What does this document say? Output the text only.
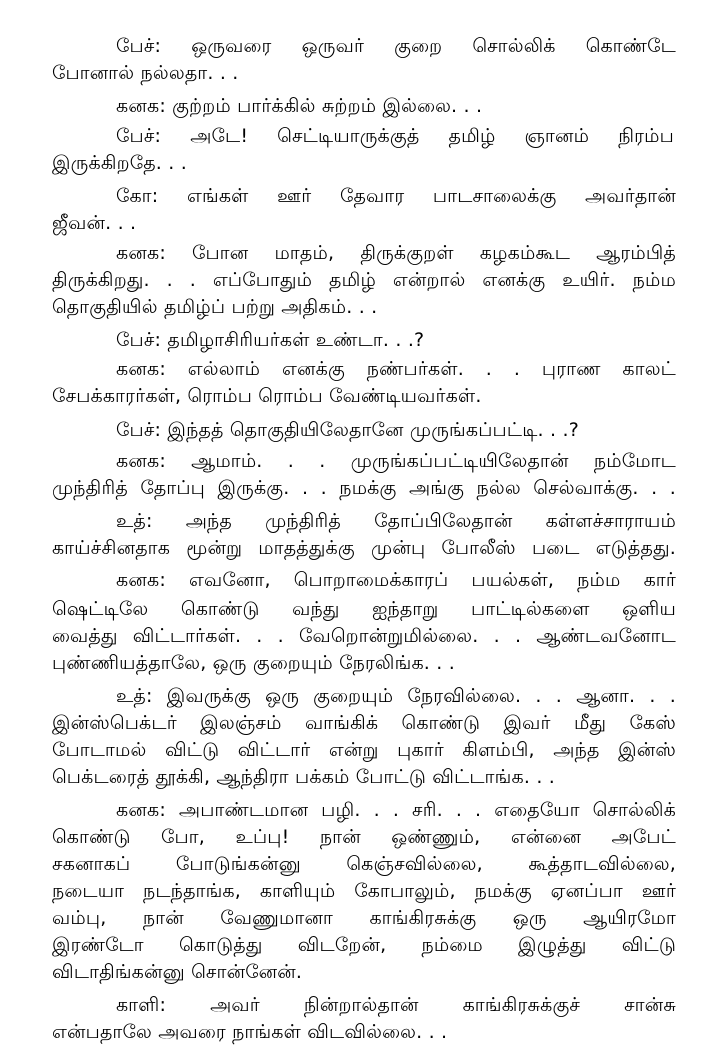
பேச்: ஒருவரை ஒருவர் குறை சொல்லிக் கொண்டே
போனால் நல்லதா. . .
கனக: குற்றம் பார்க்கில் சுற்றம் இல்லை. . .
பேச்: அடே! செட்டியாருக்குத் தமிழ் ஞானம் நிரம்ப
இருக்கிறதே. . .
கோ: எங்கள் ஊர் தேவார பாடசாலைக்கு அவர்தான்
ஜீவன். . .
கனக: போன மாதம், திருக்குறள் கழகம்கூட ஆரம்பித்
திருக்கிறது. . . எப்போதும் தமிழ் என்றால் எனக்கு உயிர். நம்ம
தொகுதியில் தமிழ்ப் பற்று அதிகம். . .
பேச்: தமிழாசிரியர்கள் உண்டா. . .?
கனக: எல்லாம் எனக்கு நண்பர்கள். . . புராண காலட்
சேபக்காரர்கள், ரொம்ப ரொம்ப வேண்டியவர்கள்.
பேச்: இந்தத் தொகுதியிலேதானே முருங்கப்பட்டி. . .?
கனக: ஆமாம். . . முருங்கப்பட்டியிலேதான் நம்மோட
முந்திரித் தோப்பு இருக்கு. . . நமக்கு அங்கு நல்ல செல்வாக்கு. . .
உத்: அந்த முந்திரித் தோப்பிலேதான் கள்ளச்சாராயம்
காய்ச்சினதாக மூன்று மாதத்துக்கு முன்பு போலீஸ் படை எடுத்தது.
கனக: எவனோ, பொறாமைக்காரப் பயல்கள், நம்ம கார்
ஷெட்டிலே கொண்டு வந்து ஐந்தாறு பாட்டில்களை ஒளிய
வைத்து விட்டார்கள். . . வேறொன்றுமில்லை. . . ஆண்டவனோட
புண்ணியத்தாலே, ஒரு குறையும் நேரலிங்க. . .
உத்: இவருக்கு ஒரு குறையும் நேரவில்லை. . . ஆனா. . .
இன்ஸ்பெக்டர் இலஞ்சம் வாங்கிக் கொண்டு இவர் மீது கேஸ்
போடாமல் விட்டு விட்டார் என்று புகார் கிளம்பி, அந்த இன்ஸ்
பெக்டரைத் தூக்கி, ஆந்திரா பக்கம் போட்டு விட்டாங்க. . .
கனக: அபாண்டமான பழி. . . சரி. . . எதையோ சொல்லிக்
கொண்டு போ, உப்பு! நான் ஒண்ணும், என்னை அபேட்
சகனாகப் போடுங்கன்னு கெஞ்சவில்லை, கூத்தாடவில்லை,
நடையா நடந்தாங்க, காளியும் கோபாலும், நமக்கு ஏனப்பா ஊர்
வம்பு, நான் வேணுமானா காங்கிரசுக்கு ஒரு ஆயிரமோ
இரண்டோ கொடுத்து விடறேன், நம்மை இழுத்து விட்டு
விடாதிங்கன்னு சொன்னேன்.
காளி: அவர் நின்றால்தான் காங்கிரசுக்குச் சான்சு
என்பதாலே அவரை நாங்கள் விடவில்லை. . .
